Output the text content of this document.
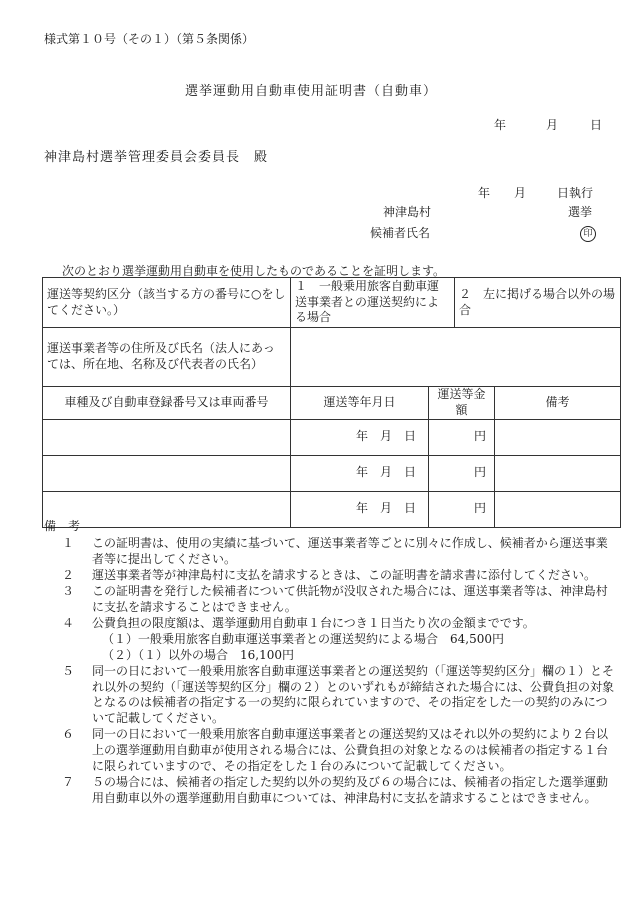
様式第１０号（その１）（第５条関係）
選挙運動用自動車使用証明書（自動車）
年	月	日
神津島村選挙管理委員会委員長　殿
年 月	日執行
神津島村	選挙
候補者氏名	印
次のとおり選挙運動用自動車を使用したものであることを証明します。
運送等契約区分（該当する方の番号に○をしてください。）	１　一般乗用旅客自動車運送事業者との運送契約による場合		２　左に掲げる場合以外の場合	
運送事業者等の住所及び氏名（法人にあっては、所在地、名称及び代表者の氏名）				
車種及び自動車登録番号又は車両番号	運送等年月日	運送等金額		備考
	年　月　日	円		
	年　月　日	円		
	年　月　日	円		
備　考
１	この証明書は、使用の実績に基づいて、運送事業者等ごとに別々に作成し、候補者から運送事業者等に提出してください。
２	運送事業者等が神津島村に支払を請求するときは、この証明書を請求書に添付してください。
３	この証明書を発行した候補者について供託物が没収された場合には、運送事業者等は、神津島村に支払を請求することはできません。
４	公費負担の限度額は、選挙運動用自動車１台につき１日当たり次の金額までです。
（１）一般乗用旅客自動車運送事業者との運送契約による場合　64,500円
（２）（１）以外の場合　16,100円
５	同一の日において一般乗用旅客自動車運送事業者との運送契約（「運送等契約区分」欄の１）とそれ以外の契約（「運送等契約区分」欄の２）とのいずれもが締結された場合には、公費負担の対象となるのは候補者の指定する一の契約に限られていますので、その指定をした一の契約のみについて記載してください。
６	同一の日において一般乗用旅客自動車運送事業者との運送契約又はそれ以外の契約により２台以上の選挙運動用自動車が使用される場合には、公費負担の対象となるのは候補者の指定する１台に限られていますので、その指定をした１台のみについて記載してください。
７	５の場合には、候補者の指定した契約以外の契約及び６の場合には、候補者の指定した選挙運動用自動車以外の選挙運動用自動車については、神津島村に支払を請求することはできません。
